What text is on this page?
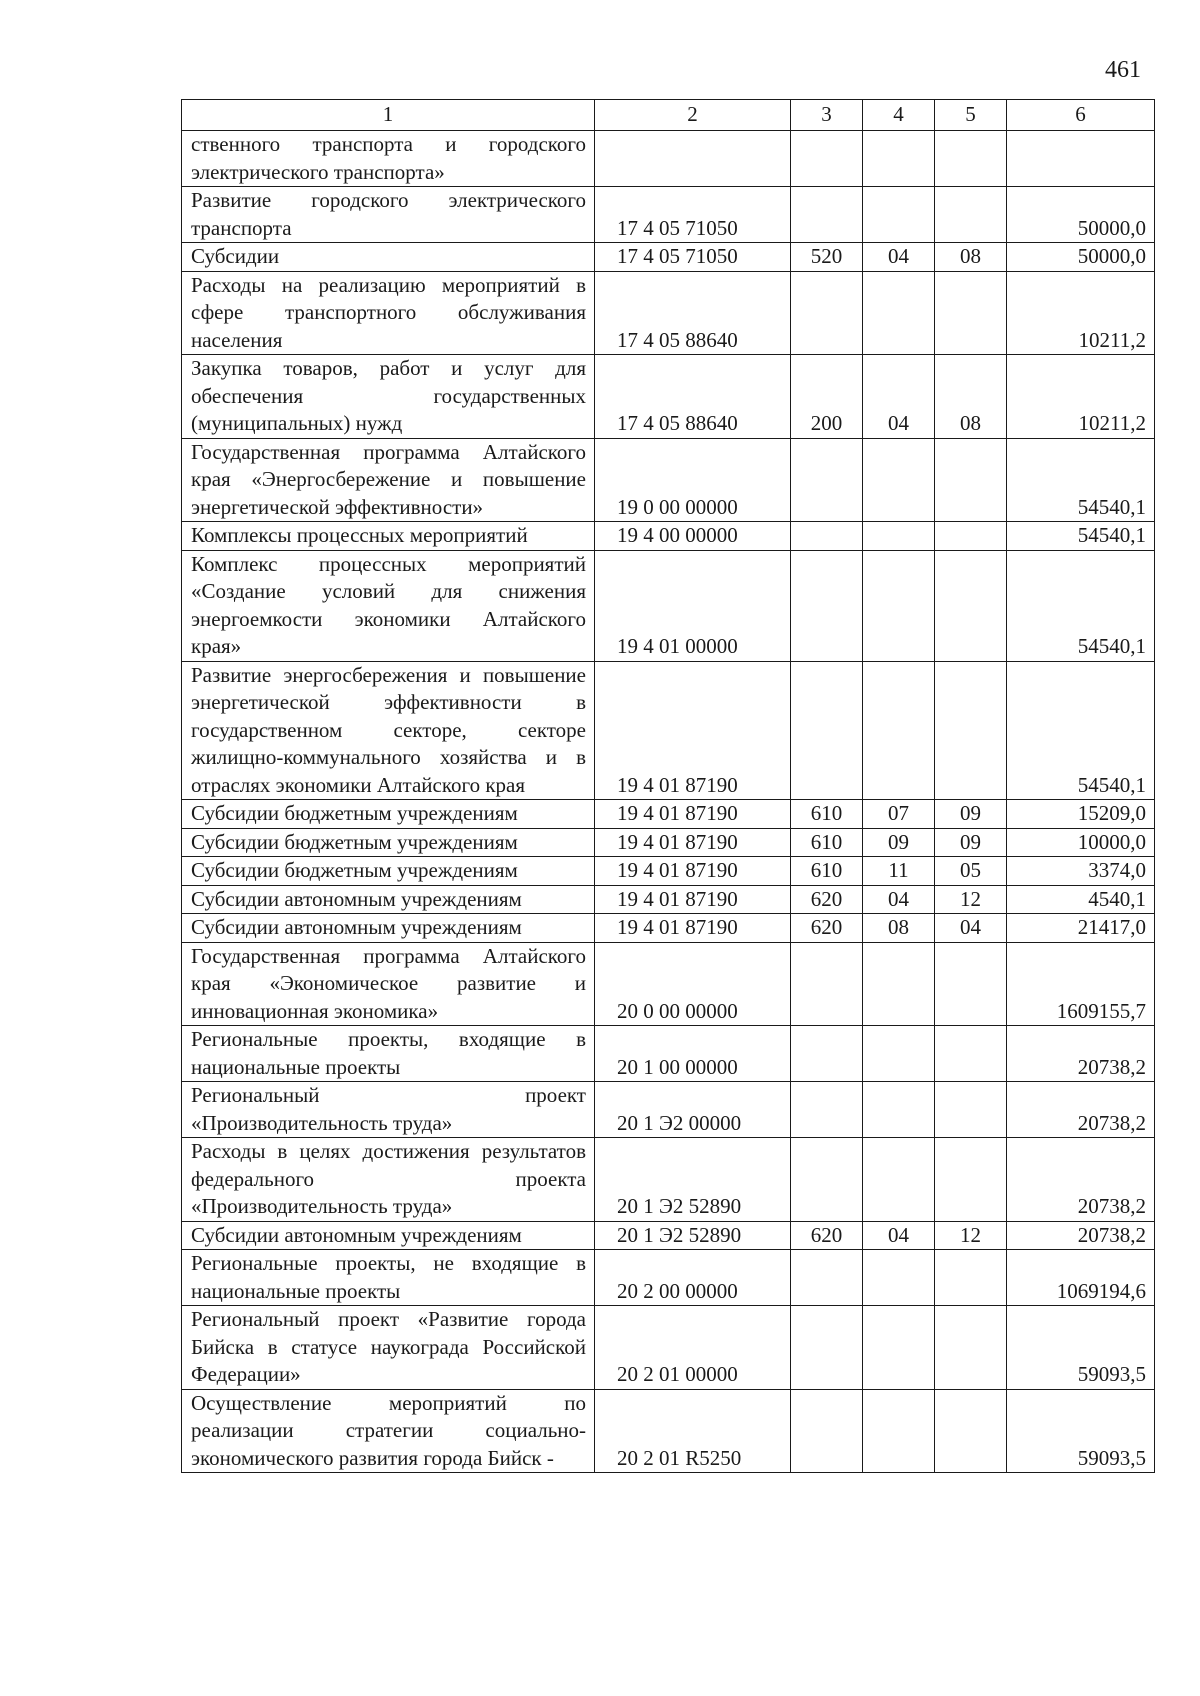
461
1	2	3	4	5	6
ственного транспорта и городского электрического транспорта»					
Развитие городского электрического транспорта	17 4 05 71050				50000,0
Субсидии	17 4 05 71050	520	04	08	50000,0
Расходы на реализацию мероприятий в сфере транспортного обслуживания населения	17 4 05 88640				10211,2
Закупка товаров, работ и услуг для обеспечения государственных (муниципальных) нужд	17 4 05 88640	200	04	08	10211,2
Государственная программа Алтайского края «Энергосбережение и повышение энергетической эффективности»	19 0 00 00000				54540,1
Комплексы процессных мероприятий	19 4 00 00000				54540,1
Комплекс процессных мероприятий «Создание условий для снижения энергоемкости экономики Алтайского края»	19 4 01 00000				54540,1
Развитие энергосбережения и повышение энергетической эффективности в государственном секторе, секторе жилищно-коммунального хозяйства и в отраслях экономики Алтайского края	19 4 01 87190				54540,1
Субсидии бюджетным учреждениям	19 4 01 87190	610	07	09	15209,0
Субсидии бюджетным учреждениям	19 4 01 87190	610	09	09	10000,0
Субсидии бюджетным учреждениям	19 4 01 87190	610	11	05	3374,0
Субсидии автономным учреждениям	19 4 01 87190	620	04	12	4540,1
Субсидии автономным учреждениям	19 4 01 87190	620	08	04	21417,0
Государственная программа Алтайского края «Экономическое развитие и инновационная экономика»	20 0 00 00000				1609155,7
Региональные проекты, входящие в национальные проекты	20 1 00 00000				20738,2
Региональный проект «Производительность труда»	20 1 Э2 00000				20738,2
Расходы в целях достижения результатов федерального проекта «Производительность труда»	20 1 Э2 52890				20738,2
Субсидии автономным учреждениям	20 1 Э2 52890	620	04	12	20738,2
Региональные проекты, не входящие в национальные проекты	20 2 00 00000				1069194,6
Региональный проект «Развитие города Бийска в статусе наукограда Российской Федерации»	20 2 01 00000				59093,5
Осуществление мероприятий по реализации стратегии социально-экономического развития города Бийск -	20 2 01 R5250				59093,5
